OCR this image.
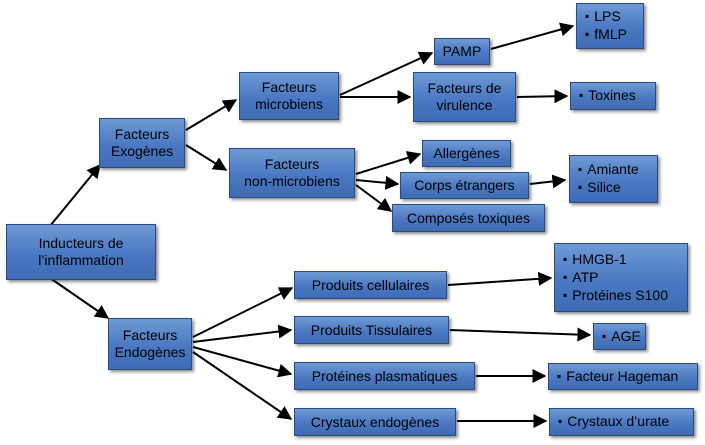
Inducteurs de
l’inflammation
Facteurs
Exogènes
Facteurs
microbiens
Facteurs
non-microbiens
PAMP
▪ LPS
▪ fMLP
Facteurs de
virulence
▪ Toxines
Allergènes
Corps étrangers
▪ Amiante
▪ Silice
Composés toxiques
Facteurs
Endogènes
Produits cellulaires
▪ HMGB-1
▪ ATP
▪ Protéines S100
Produits Tissulaires	▪ AGE
Protéines plasmatiques	▪ Facteur Hageman
Crystaux endogènes	▪ Crystaux d’urate
